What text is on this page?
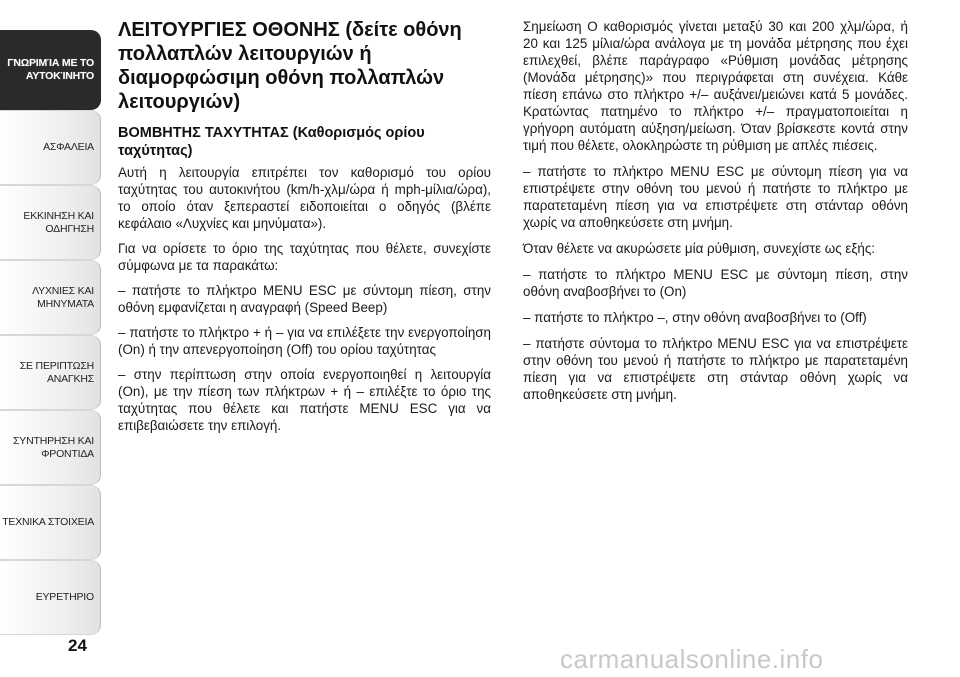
ΓΝΩΡΙΜΊΑ ΜΕ ΤΟ ΑΥΤΟΚΊΝΗΤΟ
ΑΣΦΑΛΕΙΑ
ΕΚΚΙΝΗΣΗ ΚΑΙ ΟΔΗΓΗΣΗ
ΛΥΧΝΙΕΣ ΚΑΙ ΜΗΝΥΜΑΤΑ
ΣΕ ΠΕΡΙΠΤΩΣΗ ΑΝΑΓΚΗΣ
ΣΥΝΤΗΡΗΣΗ ΚΑΙ ΦΡΟΝΤΙΔΑ
ΤΕΧΝΙΚΑ ΣΤΟΙΧΕΙΑ
ΕΥΡΕΤΗΡΙΟ
24	carmanualsonline.info
ΛΕΙΤΟΥΡΓΙΕΣ ΟΘΟΝΗΣ (δείτε οθόνη πολλαπλών λειτουργιών ή διαμορφώσιμη οθόνη πολλαπλών λειτουργιών)
ΒΟΜΒΗΤΗΣ ΤΑΧΥΤΗΤΑΣ (Καθορισμός ορίου ταχύτητας)

Αυτή η λειτουργία επιτρέπει τον καθορισμό του ορίου ταχύτητας του αυτοκινήτου (km/h-χλμ/ώρα ή mph-μίλια/ώρα), το οποίο όταν ξεπεραστεί ειδοποιείται ο οδηγός (βλέπε κεφάλαιο «Λυχνίες και μηνύματα»).

Για να ορίσετε το όριο της ταχύτητας που θέλετε, συνεχίστε σύμφωνα με τα παρακάτω:

– πατήστε το πλήκτρο MENU ESC με σύντομη πίεση, στην οθόνη εμφανίζεται η αναγραφή (Speed Beep)

– πατήστε το πλήκτρο + ή – για να επιλέξετε την ενεργοποίηση (On) ή την απενεργοποίηση (Off) του ορίου ταχύτητας

– στην περίπτωση στην οποία ενεργοποιηθεί η λειτουργία (On), με την πίεση των πλήκτρων + ή – επιλέξτε το όριο της ταχύτητας που θέλετε και πατήστε MENU ESC για να επιβεβαιώσετε την επιλογή.

Σημείωση Ο καθορισμός γίνεται μεταξύ 30 και 200 χλμ/ώρα, ή 20 και 125 μίλια/ώρα ανάλογα με τη μονάδα μέτρησης που έχει επιλεχθεί, βλέπε παράγραφο «Ρύθμιση μονάδας μέτρησης (Μονάδα μέτρησης)» που περιγράφεται στη συνέχεια. Κάθε πίεση επάνω στο πλήκτρο +/– αυξάνει/μειώνει κατά 5 μονάδες. Κρατώντας πατημένο το πλήκτρο +/– πραγματοποιείται η γρήγορη αυτόματη αύξηση/μείωση. Όταν βρίσκεστε κοντά στην τιμή που θέλετε, ολοκληρώστε τη ρύθμιση με απλές πιέσεις.

– πατήστε το πλήκτρο MENU ESC με σύντομη πίεση για να επιστρέψετε στην οθόνη του μενού ή πατήστε το πλήκτρο με παρατεταμένη πίεση για να επιστρέψετε στη στάνταρ οθόνη χωρίς να αποθηκεύσετε στη μνήμη.

Όταν θέλετε να ακυρώσετε μία ρύθμιση, συνεχίστε ως εξής:

– πατήστε το πλήκτρο MENU ESC με σύντομη πίεση, στην οθόνη αναβοσβήνει το (On)

– πατήστε το πλήκτρο –, στην οθόνη αναβοσβήνει το (Off)

– πατήστε σύντομα το πλήκτρο MENU ESC για να επιστρέψετε στην οθόνη του μενού ή πατήστε το πλήκτρο με παρατεταμένη πίεση για να επιστρέψετε στη στάνταρ οθόνη χωρίς να αποθηκεύσετε στη μνήμη.
